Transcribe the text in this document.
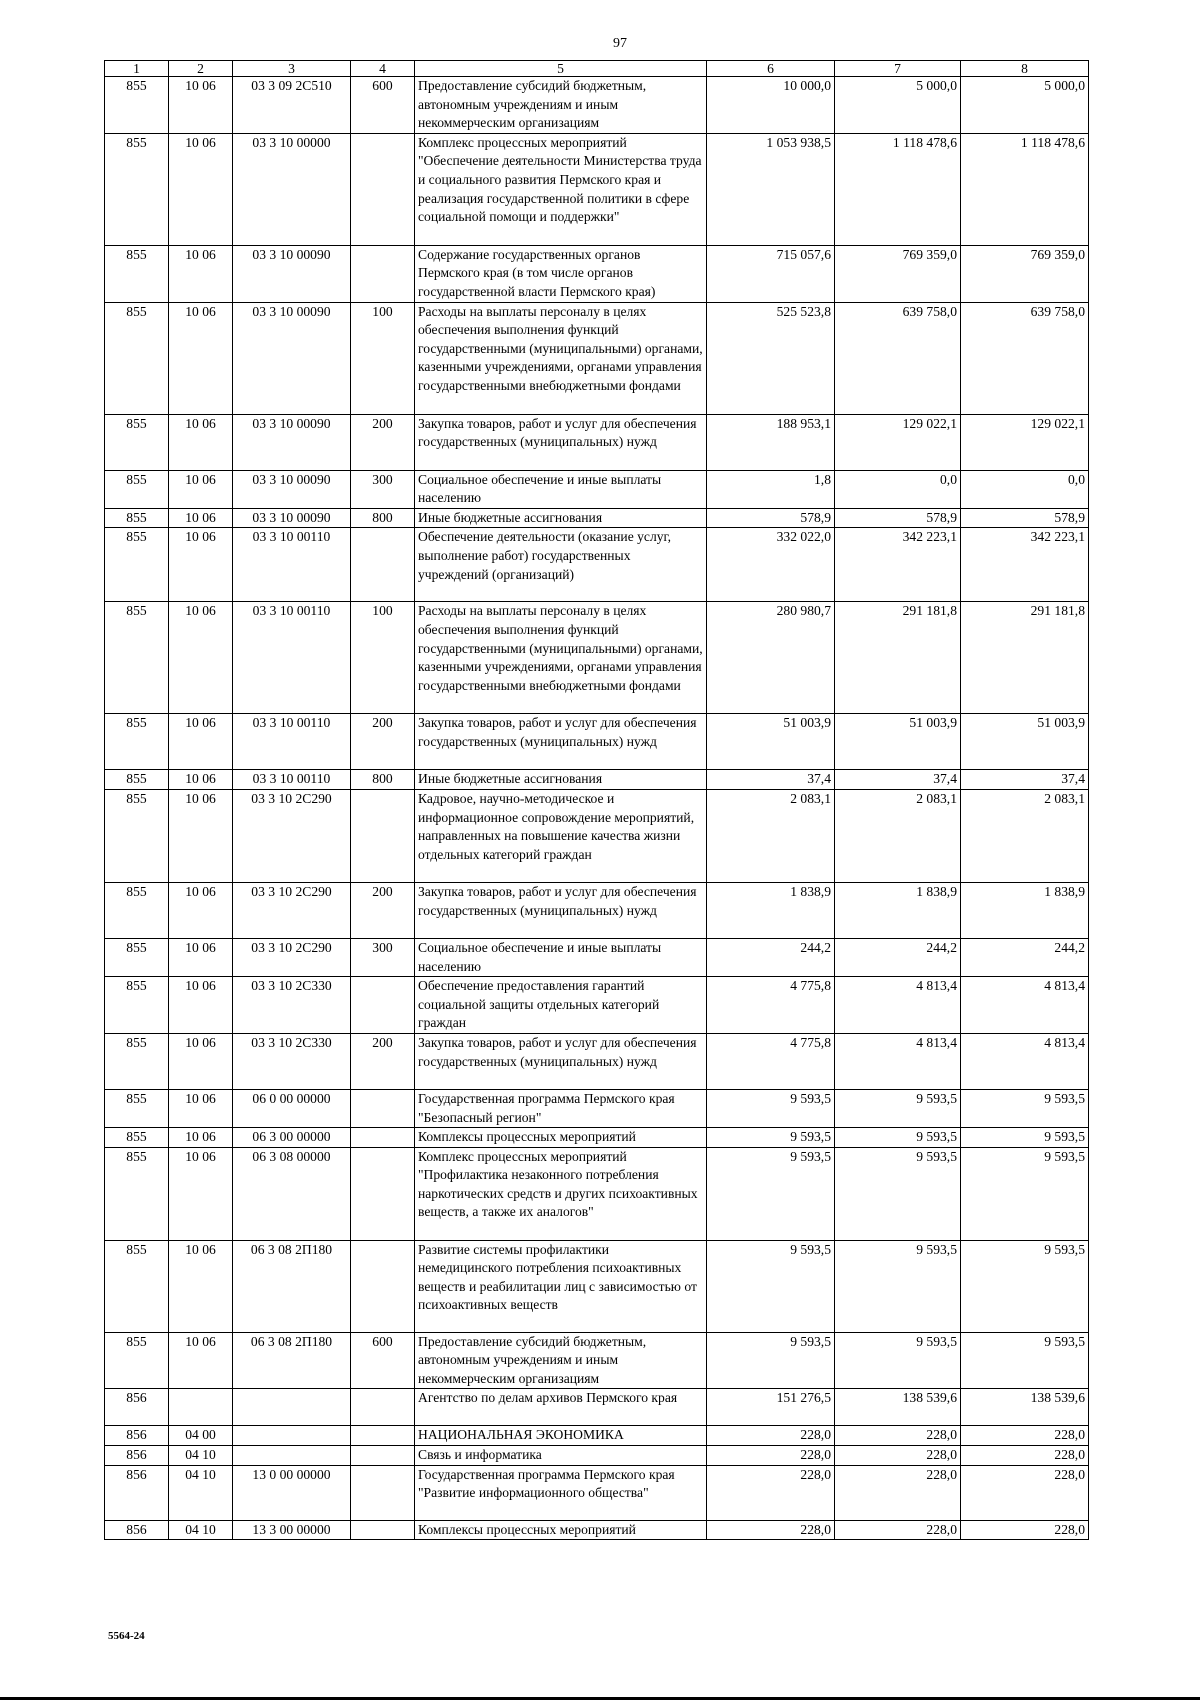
97
1	2	3	4	5	6	7	8
855	10 06	03 3 09 2С510	600	Предоставление субсидий бюджетным, автономным учреждениям и иным некоммерческим организациям	10 000,0	5 000,0	5 000,0
855	10 06	03 3 10 00000		Комплекс процессных мероприятий "Обеспечение деятельности Министерства труда и социального развития Пермского края и реализация государственной политики в сфере социальной помощи и поддержки"	1 053 938,5	1 118 478,6	1 118 478,6
855	10 06	03 3 10 00090		Содержание государственных органов Пермского края (в том числе органов государственной власти Пермского края)	715 057,6	769 359,0	769 359,0
855	10 06	03 3 10 00090	100	Расходы на выплаты персоналу в целях обеспечения выполнения функций государственными (муниципальными) органами, казенными учреждениями, органами управления государственными внебюджетными фондами	525 523,8	639 758,0	639 758,0
855	10 06	03 3 10 00090	200	Закупка товаров, работ и услуг для обеспечения государственных (муниципальных) нужд	188 953,1	129 022,1	129 022,1
855	10 06	03 3 10 00090	300	Социальное обеспечение и иные выплаты населению	1,8	0,0	0,0
855	10 06	03 3 10 00090	800	Иные бюджетные ассигнования	578,9	578,9	578,9
855	10 06	03 3 10 00110		Обеспечение деятельности (оказание услуг, выполнение работ) государственных учреждений (организаций)	332 022,0	342 223,1	342 223,1
855	10 06	03 3 10 00110	100	Расходы на выплаты персоналу в целях обеспечения выполнения функций государственными (муниципальными) органами, казенными учреждениями, органами управления государственными внебюджетными фондами	280 980,7	291 181,8	291 181,8
855	10 06	03 3 10 00110	200	Закупка товаров, работ и услуг для обеспечения государственных (муниципальных) нужд	51 003,9	51 003,9	51 003,9
855	10 06	03 3 10 00110	800	Иные бюджетные ассигнования	37,4	37,4	37,4
855	10 06	03 3 10 2С290		Кадровое, научно-методическое и информационное сопровождение мероприятий, направленных на повышение качества жизни отдельных категорий граждан	2 083,1	2 083,1	2 083,1
855	10 06	03 3 10 2С290	200	Закупка товаров, работ и услуг для обеспечения государственных (муниципальных) нужд	1 838,9	1 838,9	1 838,9
855	10 06	03 3 10 2С290	300	Социальное обеспечение и иные выплаты населению	244,2	244,2	244,2
855	10 06	03 3 10 2С330		Обеспечение предоставления гарантий социальной защиты отдельных категорий граждан	4 775,8	4 813,4	4 813,4
855	10 06	03 3 10 2С330	200	Закупка товаров, работ и услуг для обеспечения государственных (муниципальных) нужд	4 775,8	4 813,4	4 813,4
855	10 06	06 0 00 00000		Государственная программа Пермского края "Безопасный регион"	9 593,5	9 593,5	9 593,5
855	10 06	06 3 00 00000		Комплексы процессных мероприятий	9 593,5	9 593,5	9 593,5
855	10 06	06 3 08 00000		Комплекс процессных мероприятий "Профилактика незаконного потребления наркотических средств и других психоактивных веществ, а также их аналогов"	9 593,5	9 593,5	9 593,5
855	10 06	06 3 08 2П180		Развитие системы профилактики немедицинского потребления психоактивных веществ и реабилитации лиц с зависимостью от психоактивных веществ	9 593,5	9 593,5	9 593,5
855	10 06	06 3 08 2П180	600	Предоставление субсидий бюджетным, автономным учреждениям и иным некоммерческим организациям	9 593,5	9 593,5	9 593,5
856				Агентство по делам архивов Пермского края	151 276,5	138 539,6	138 539,6
856	04 00			НАЦИОНАЛЬНАЯ ЭКОНОМИКА	228,0	228,0	228,0
856	04 10			Связь и информатика	228,0	228,0	228,0
856	04 10	13 0 00 00000		Государственная программа Пермского края "Развитие информационного общества"	228,0	228,0	228,0
856	04 10	13 3 00 00000		Комплексы процессных мероприятий	228,0	228,0	228,0
5564-24
